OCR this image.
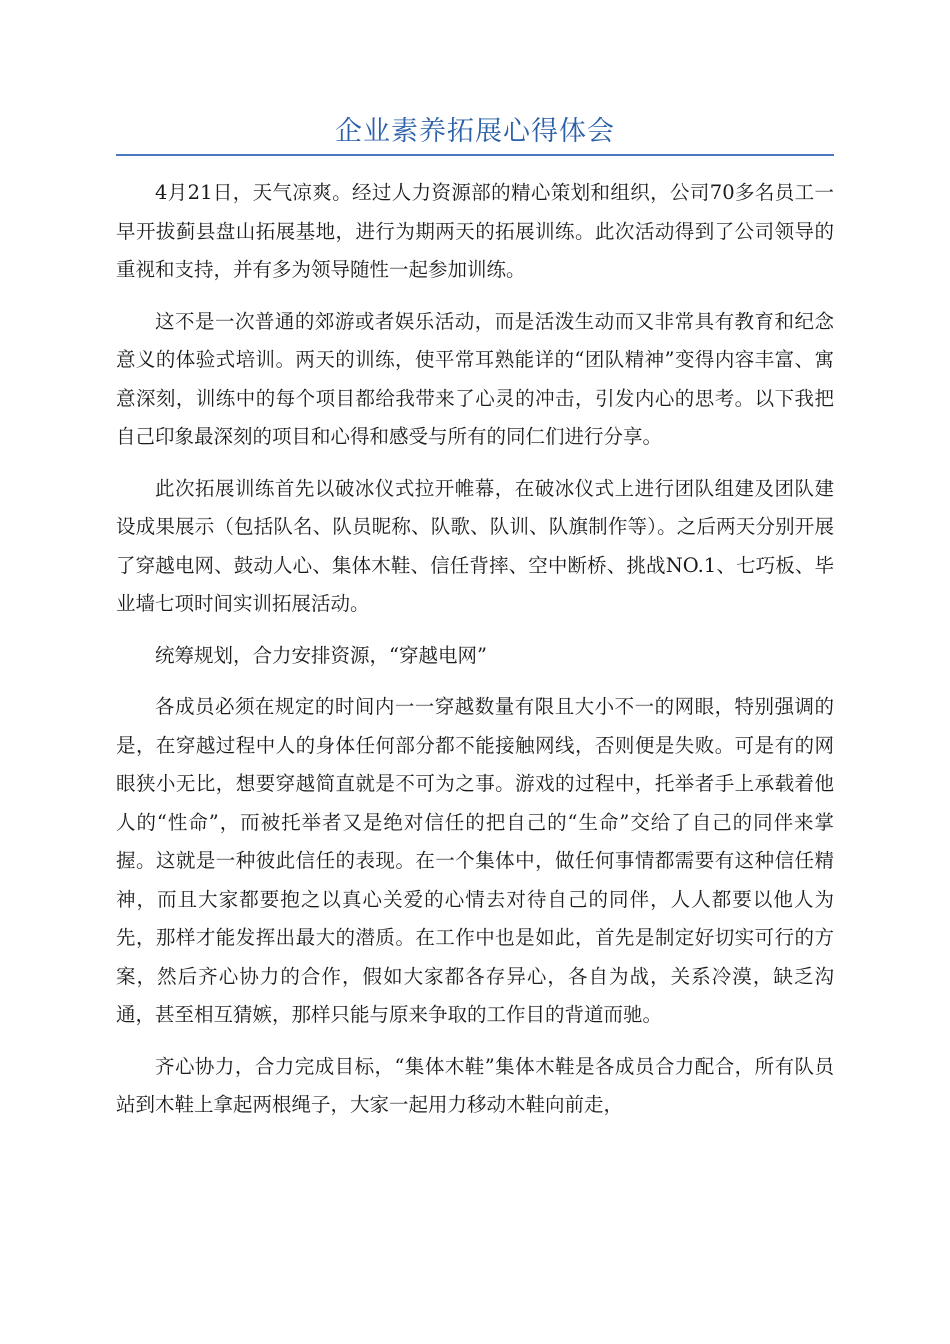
企业素养拓展心得体会

4月21日，天气凉爽。经过人力资源部的精心策划和组织，公司70多名员工一早开拔蓟县盘山拓展基地，进行为期两天的拓展训练。此次活动得到了公司领导的重视和支持，并有多为领导随性一起参加训练。

这不是一次普通的郊游或者娱乐活动，而是活泼生动而又非常具有教育和纪念意义的体验式培训。两天的训练，使平常耳熟能详的“团队精神”变得内容丰富、寓意深刻，训练中的每个项目都给我带来了心灵的冲击，引发内心的思考。以下我把自己印象最深刻的项目和心得和感受与所有的同仁们进行分享。

此次拓展训练首先以破冰仪式拉开帷幕，在破冰仪式上进行团队组建及团队建设成果展示（包括队名、队员昵称、队歌、队训、队旗制作等）。之后两天分别开展了穿越电网、鼓动人心、集体木鞋、信任背摔、空中断桥、挑战NO.1、七巧板、毕业墙七项时间实训拓展活动。

统筹规划，合力安排资源，“穿越电网”

各成员必须在规定的时间内一一穿越数量有限且大小不一的网眼，特别强调的是，在穿越过程中人的身体任何部分都不能接触网线，否则便是失败。可是有的网眼狭小无比，想要穿越简直就是不可为之事。游戏的过程中，托举者手上承载着他人的“性命”，而被托举者又是绝对信任的把自己的“生命”交给了自己的同伴来掌握。这就是一种彼此信任的表现。在一个集体中，做任何事情都需要有这种信任精神，而且大家都要抱之以真心关爱的心情去对待自己的同伴，人人都要以他人为先，那样才能发挥出最大的潜质。在工作中也是如此，首先是制定好切实可行的方案，然后齐心协力的合作，假如大家都各存异心，各自为战，关系冷漠，缺乏沟通，甚至相互猜嫉，那样只能与原来争取的工作目的背道而驰。

齐心协力，合力完成目标，“集体木鞋”集体木鞋是各成员合力配合，所有队员站到木鞋上拿起两根绳子，大家一起用力移动木鞋向前走，
